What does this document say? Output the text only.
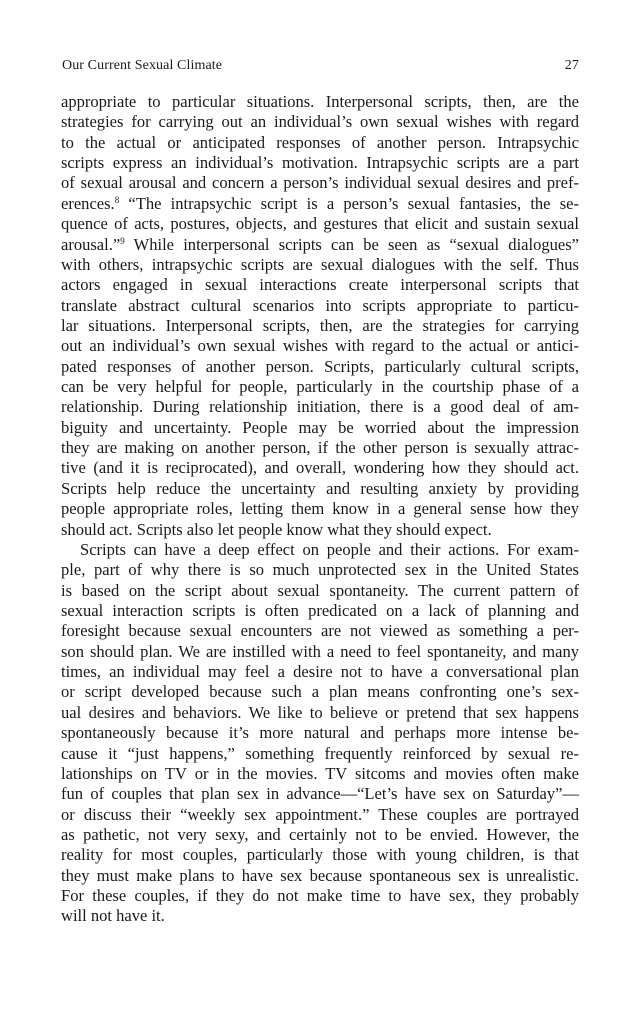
Our Current Sexual Climate	27
appropriate to particular situations. Interpersonal scripts, then, are the
strategies for carrying out an individual’s own sexual wishes with regard
to the actual or anticipated responses of another person. Intrapsychic
scripts express an individual’s motivation. Intrapsychic scripts are a part
of sexual arousal and concern a person’s individual sexual desires and pref-
erences.$^8$ “The intrapsychic script is a person’s sexual fantasies, the se-
quence of acts, postures, objects, and gestures that elicit and sustain sexual
arousal.”$^9$ While interpersonal scripts can be seen as “sexual dialogues”
with others, intrapsychic scripts are sexual dialogues with the self. Thus
actors engaged in sexual interactions create interpersonal scripts that
translate abstract cultural scenarios into scripts appropriate to particu-
lar situations. Interpersonal scripts, then, are the strategies for carrying
out an individual’s own sexual wishes with regard to the actual or antici-
pated responses of another person. Scripts, particularly cultural scripts,
can be very helpful for people, particularly in the courtship phase of a
relationship. During relationship initiation, there is a good deal of am-
biguity and uncertainty. People may be worried about the impression
they are making on another person, if the other person is sexually attrac-
tive (and it is reciprocated), and overall, wondering how they should act.
Scripts help reduce the uncertainty and resulting anxiety by providing
people appropriate roles, letting them know in a general sense how they
should act. Scripts also let people know what they should expect.
Scripts can have a deep effect on people and their actions. For exam-
ple, part of why there is so much unprotected sex in the United States
is based on the script about sexual spontaneity. The current pattern of
sexual interaction scripts is often predicated on a lack of planning and
foresight because sexual encounters are not viewed as something a per-
son should plan. We are instilled with a need to feel spontaneity, and many
times, an individual may feel a desire not to have a conversational plan
or script developed because such a plan means confronting one’s sex-
ual desires and behaviors. We like to believe or pretend that sex happens
spontaneously because it’s more natural and perhaps more intense be-
cause it “just happens,” something frequently reinforced by sexual re-
lationships on TV or in the movies. TV sitcoms and movies often make
fun of couples that plan sex in advance—“Let’s have sex on Saturday”—
or discuss their “weekly sex appointment.” These couples are portrayed
as pathetic, not very sexy, and certainly not to be envied. However, the
reality for most couples, particularly those with young children, is that
they must make plans to have sex because spontaneous sex is unrealistic.
For these couples, if they do not make time to have sex, they probably
will not have it.
